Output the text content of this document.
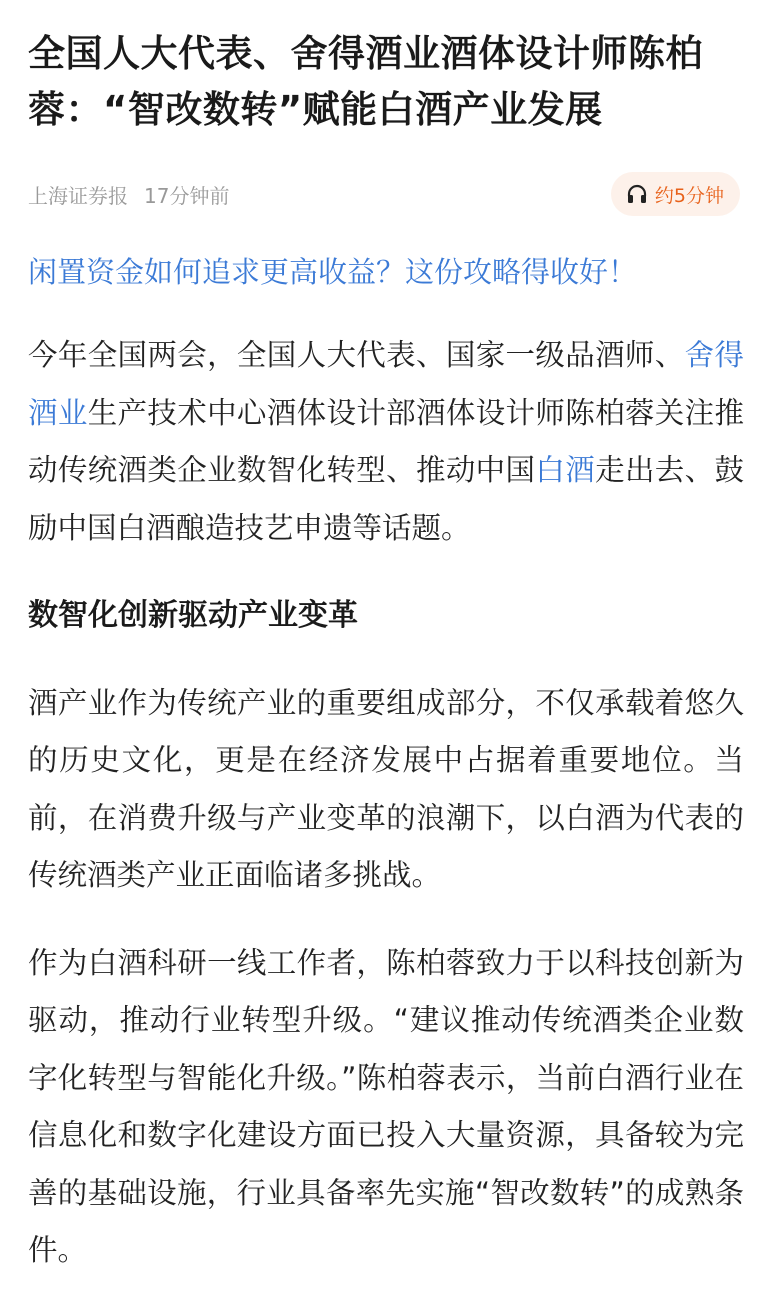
全国人大代表、舍得酒业酒体设计师陈柏蓉：“智改数转”赋能白酒产业发展
上海证券报 17分钟前	约5分钟
闲置资金如何追求更高收益？这份攻略得收好！

今年全国两会，全国人大代表、国家一级品酒师、舍得酒业生产技术中心酒体设计部酒体设计师陈柏蓉关注推动传统酒类企业数智化转型、推动中国白酒走出去、鼓励中国白酒酿造技艺申遗等话题。

数智化创新驱动产业变革

酒产业作为传统产业的重要组成部分，不仅承载着悠久的历史文化，更是在经济发展中占据着重要地位。当前，在消费升级与产业变革的浪潮下，以白酒为代表的传统酒类产业正面临诸多挑战。

作为白酒科研一线工作者，陈柏蓉致力于以科技创新为驱动，推动行业转型升级。“建议推动传统酒类企业数字化转型与智能化升级。”陈柏蓉表示，当前白酒行业在信息化和数字化建设方面已投入大量资源，具备较为完善的基础设施，行业具备率先实施“智改数转”的成熟条件。
